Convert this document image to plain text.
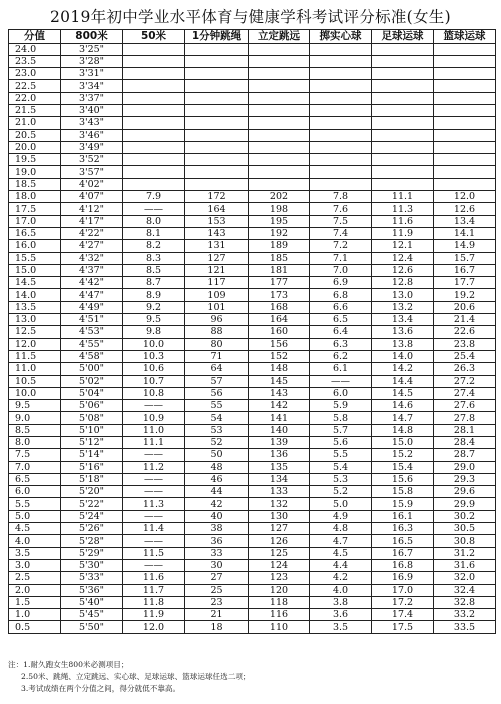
2019年初中学业水平体育与健康学科考试评分标准(女生)
分值	800米	50米	1分钟跳绳	立定跳远	掷实心球	足球运球	篮球运球
24.0	3'25"						
23.5	3'28"						
23.0	3'31"						
22.5	3'34"						
22.0	3'37"						
21.5	3'40"						
21.0	3'43"						
20.5	3'46"						
20.0	3'49"						
19.5	3'52"						
19.0	3'57"						
18.5	4'02"						
18.0	4'07"	7.9	172	202	7.8	11.1	12.0
17.5	4'12"	——	164	198	7.6	11.3	12.6
17.0	4'17"	8.0	153	195	7.5	11.6	13.4
16.5	4'22"	8.1	143	192	7.4	11.9	14.1
16.0	4'27"	8.2	131	189	7.2	12.1	14.9
15.5	4'32"	8.3	127	185	7.1	12.4	15.7
15.0	4'37"	8.5	121	181	7.0	12.6	16.7
14.5	4'42"	8.7	117	177	6.9	12.8	17.7
14.0	4'47"	8.9	109	173	6.8	13.0	19.2
13.5	4'49"	9.2	101	168	6.6	13.2	20.6
13.0	4'51"	9.5	96	164	6.5	13.4	21.4
12.5	4'53"	9.8	88	160	6.4	13.6	22.6
12.0	4'55"	10.0	80	156	6.3	13.8	23.8
11.5	4'58"	10.3	71	152	6.2	14.0	25.4
11.0	5'00"	10.6	64	148	6.1	14.2	26.3
10.5	5'02"	10.7	57	145	——	14.4	27.2
10.0	5'04"	10.8	56	143	6.0	14.5	27.4
9.5	5'06"	——	55	142	5.9	14.6	27.6
9.0	5'08"	10.9	54	141	5.8	14.7	27.8
8.5	5'10"	11.0	53	140	5.7	14.8	28.1
8.0	5'12"	11.1	52	139	5.6	15.0	28.4
7.5	5'14"	——	50	136	5.5	15.2	28.7
7.0	5'16"	11.2	48	135	5.4	15.4	29.0
6.5	5'18"	——	46	134	5.3	15.6	29.3
6.0	5'20"	——	44	133	5.2	15.8	29.6
5.5	5'22"	11.3	42	132	5.0	15.9	29.9
5.0	5'24"	——	40	130	4.9	16.1	30.2
4.5	5'26"	11.4	38	127	4.8	16.3	30.5
4.0	5'28"	——	36	126	4.7	16.5	30.8
3.5	5'29"	11.5	33	125	4.5	16.7	31.2
3.0	5'30"	——	30	124	4.4	16.8	31.6
2.5	5'33"	11.6	27	123	4.2	16.9	32.0
2.0	5'36"	11.7	25	120	4.0	17.0	32.4
1.5	5'40"	11.8	23	118	3.8	17.2	32.8
1.0	5'45"	11.9	21	116	3.6	17.4	33.2
0.5	5'50"	12.0	18	110	3.5	17.5	33.5
注：1.耐久跑女生800米必测项目；
2.50米、跳绳、立定跳远、实心球、足球运球、篮球运球任选二项；
3.考试成绩在两个分值之间，得分就低不靠高。
